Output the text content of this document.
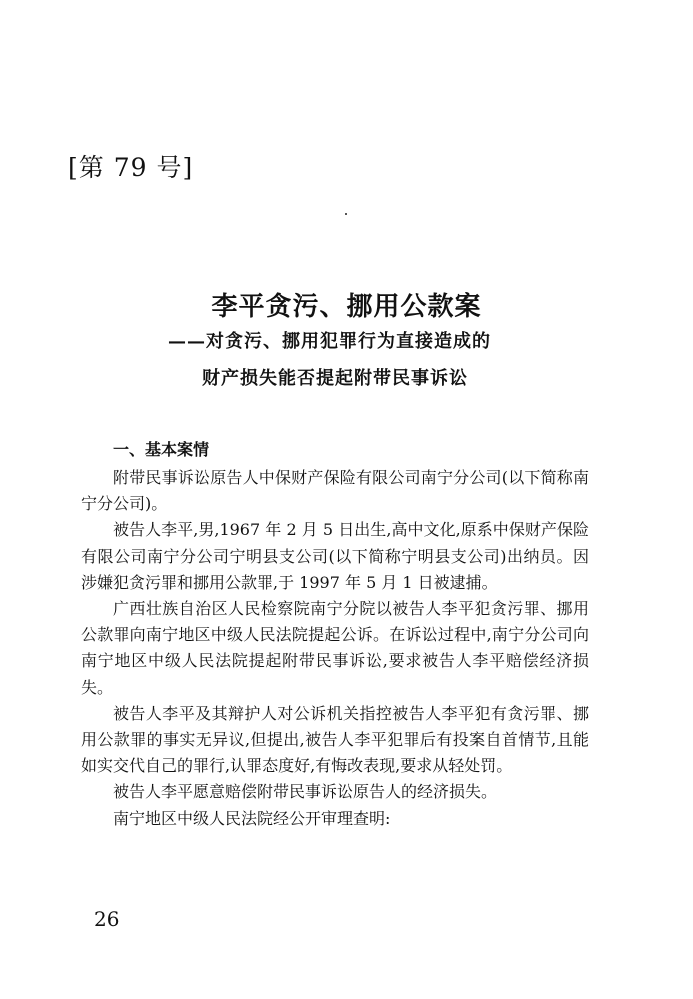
[第 79 号]
李平贪污、挪用公款案
——对贪污、挪用犯罪行为直接造成的
财产损失能否提起附带民事诉讼
一、基本案情

附带民事诉讼原告人中保财产保险有限公司南宁分公司(以下简称南宁分公司)。

被告人李平,男,1967 年 2 月 5 日出生,高中文化,原系中保财产保险有限公司南宁分公司宁明县支公司(以下简称宁明县支公司)出纳员。因涉嫌犯贪污罪和挪用公款罪,于 1997 年 5 月 1 日被逮捕。

广西壮族自治区人民检察院南宁分院以被告人李平犯贪污罪、挪用公款罪向南宁地区中级人民法院提起公诉。在诉讼过程中,南宁分公司向南宁地区中级人民法院提起附带民事诉讼,要求被告人李平赔偿经济损失。

被告人李平及其辩护人对公诉机关指控被告人李平犯有贪污罪、挪用公款罪的事实无异议,但提出,被告人李平犯罪后有投案自首情节,且能如实交代自己的罪行,认罪态度好,有悔改表现,要求从轻处罚。

被告人李平愿意赔偿附带民事诉讼原告人的经济损失。

南宁地区中级人民法院经公开审理查明:

26
